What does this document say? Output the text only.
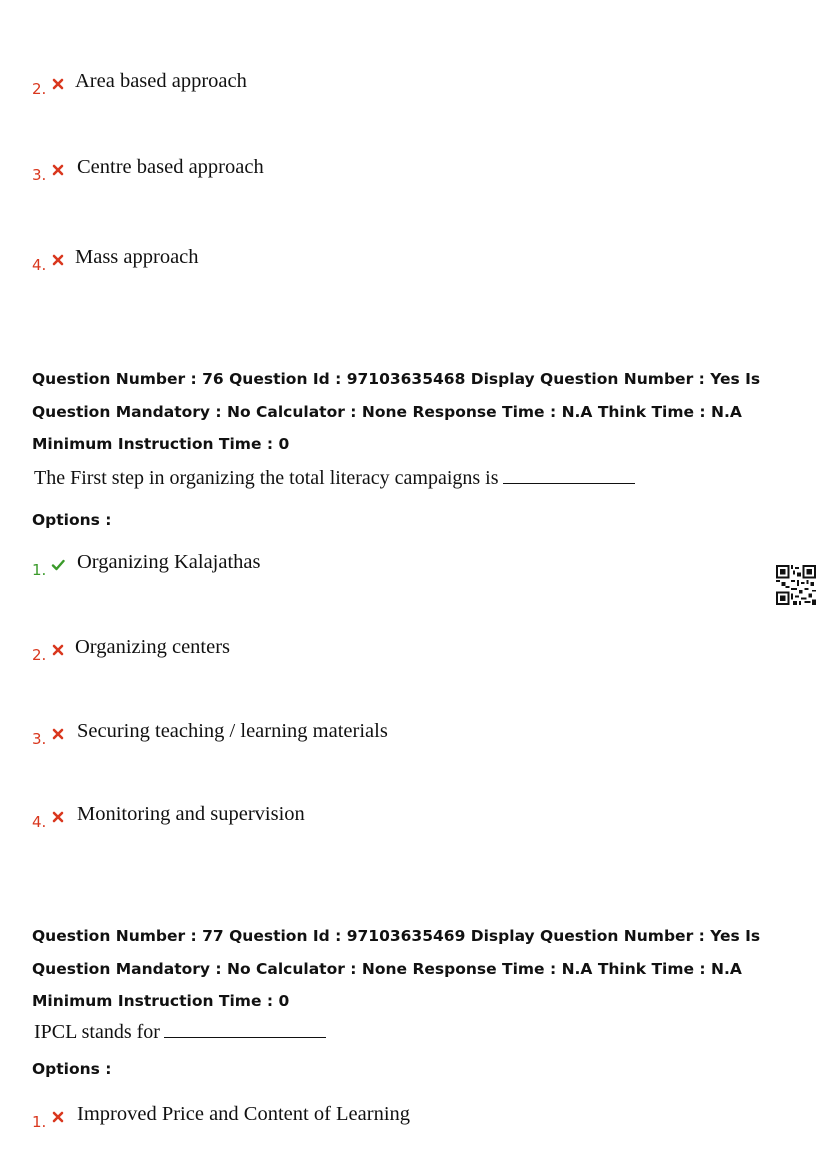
2. Area based approach
3. Centre based approach
4. Mass approach
Question Number : 76 Question Id : 97103635468 Display Question Number : Yes Is Question Mandatory : No Calculator : None Response Time : N.A Think Time : N.A Minimum Instruction Time : 0
The First step in organizing the total literacy campaigns is
Options :
1. Organizing Kalajathas
2. Organizing centers
3. Securing teaching / learning materials
4. Monitoring and supervision
Question Number : 77 Question Id : 97103635469 Display Question Number : Yes Is Question Mandatory : No Calculator : None Response Time : N.A Think Time : N.A Minimum Instruction Time : 0
IPCL stands for
Options :
1. Improved Price and Content of Learning
